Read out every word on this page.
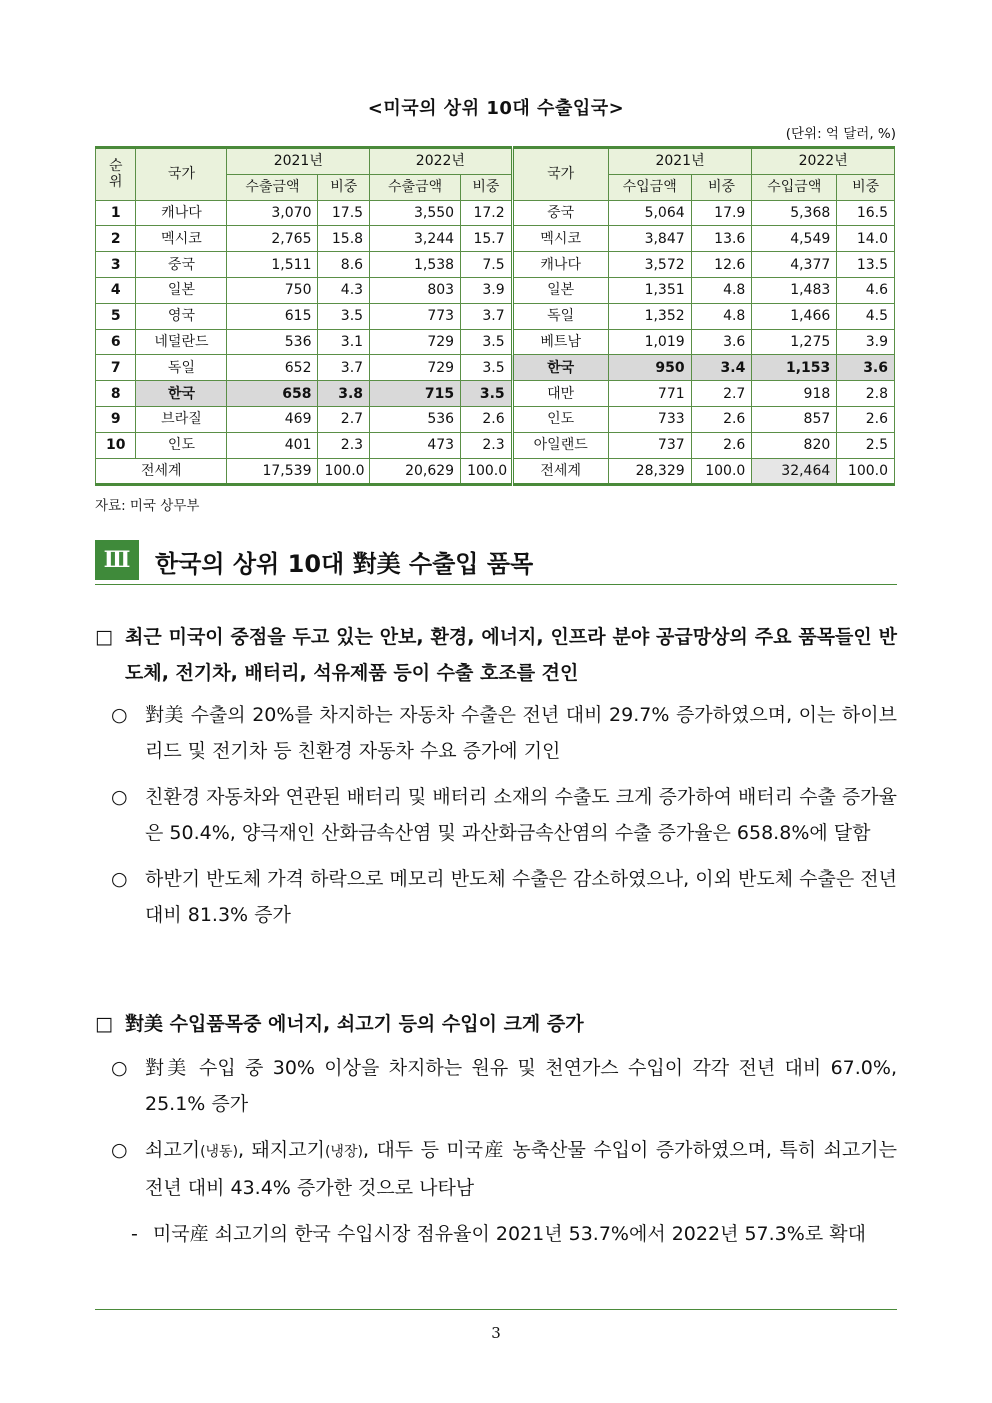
<미국의 상위 10대 수출입국>
(단위: 억 달러, %)
순위	국가	2021년		2022년		국가	2021년		2022년	
		수출금액	비중	수출금액	비중		수입금액	비중	수입금액	비중
1	캐나다	3,070	17.5	3,550	17.2	중국	5,064	17.9	5,368	16.5
2	멕시코	2,765	15.8	3,244	15.7	멕시코	3,847	13.6	4,549	14.0
3	중국	1,511	8.6	1,538	7.5	캐나다	3,572	12.6	4,377	13.5
4	일본	750	4.3	803	3.9	일본	1,351	4.8	1,483	4.6
5	영국	615	3.5	773	3.7	독일	1,352	4.8	1,466	4.5
6	네덜란드	536	3.1	729	3.5	베트남	1,019	3.6	1,275	3.9
7	독일	652	3.7	729	3.5	한국	950	3.4	1,153	3.6
8	한국	658	3.8	715	3.5	대만	771	2.7	918	2.8
9	브라질	469	2.7	536	2.6	인도	733	2.6	857	2.6
10	인도	401	2.3	473	2.3	아일랜드	737	2.6	820	2.5
전세계		17,539	100.0	20,629	100.0	전세계	28,329	100.0	32,464	100.0
자료: 미국 상무부
Ⅲ	한국의 상위 10대 對美 수출입 품목
□ 최근 미국이 중점을 두고 있는 안보, 환경, 에너지, 인프라 분야 공급망상의 주요 품목들인 반도체, 전기차, 배터리, 석유제품 등이 수출 호조를 견인
○ 對美 수출의 20%를 차지하는 자동차 수출은 전년 대비 29.7% 증가하였으며, 이는 하이브리드 및 전기차 등 친환경 자동차 수요 증가에 기인
○ 친환경 자동차와 연관된 배터리 및 배터리 소재의 수출도 크게 증가하여 배터리 수출 증가율은 50.4%, 양극재인 산화금속산염 및 과산화금속산염의 수출 증가율은 658.8%에 달함
○ 하반기 반도체 가격 하락으로 메모리 반도체 수출은 감소하였으나, 이외 반도체 수출은 전년 대비 81.3% 증가
□ 對美 수입품목중 에너지, 쇠고기 등의 수입이 크게 증가
○ 對美 수입 중 30% 이상을 차지하는 원유 및 천연가스 수입이 각각 전년 대비 67.0%, 25.1% 증가
○ 쇠고기(냉동), 돼지고기(냉장), 대두 등 미국産 농축산물 수입이 증가하였으며, 특히 쇠고기는 전년 대비 43.4% 증가한 것으로 나타남
- 미국産 쇠고기의 한국 수입시장 점유율이 2021년 53.7%에서 2022년 57.3%로 확대
3
